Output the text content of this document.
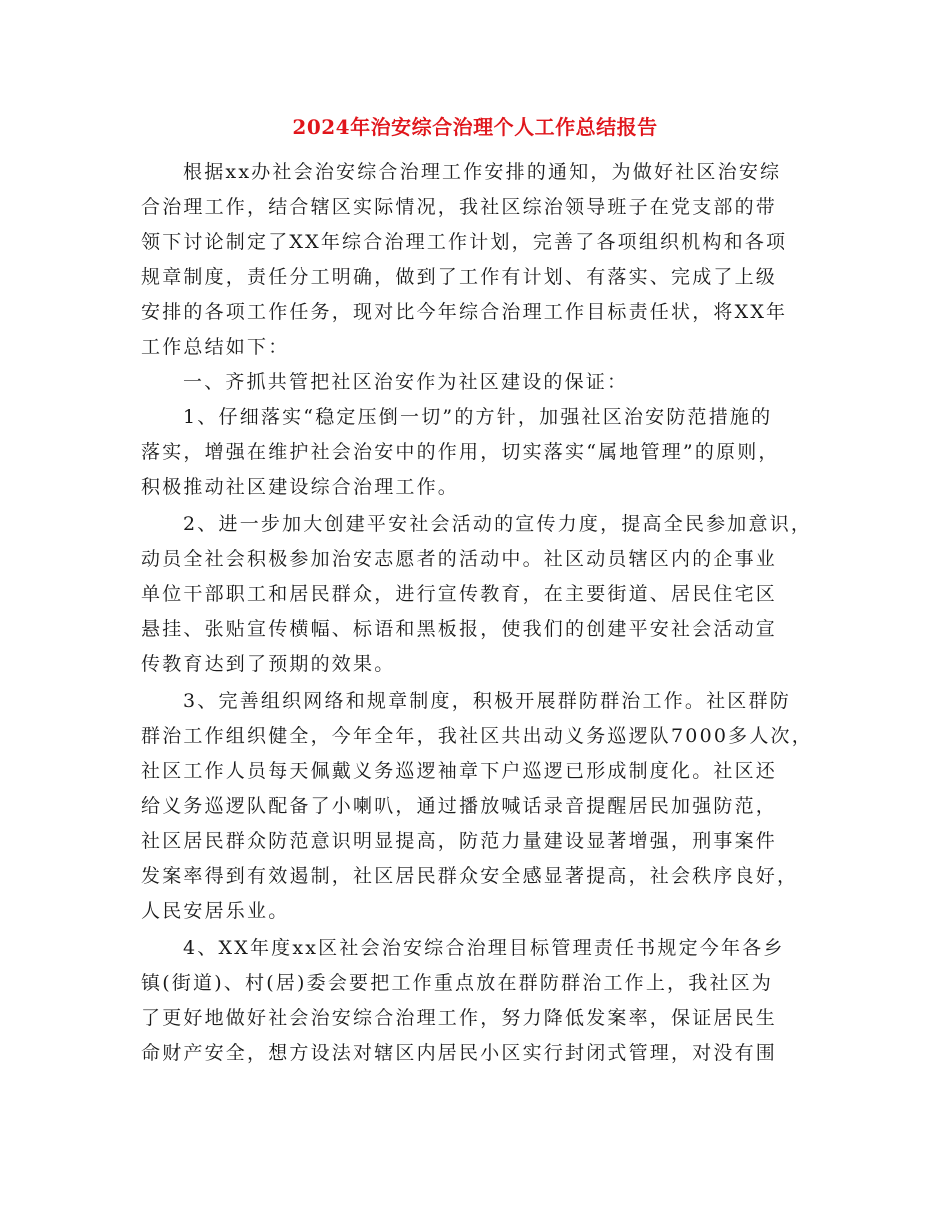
2024年治安综合治理个人工作总结报告
根据xx办社会治安综合治理工作安排的通知，为做好社区治安综
合治理工作，结合辖区实际情况，我社区综治领导班子在党支部的带
领下讨论制定了XX年综合治理工作计划，完善了各项组织机构和各项
规章制度，责任分工明确，做到了工作有计划、有落实、完成了上级
安排的各项工作任务，现对比今年综合治理工作目标责任状，将XX年
工作总结如下：
一、齐抓共管把社区治安作为社区建设的保证：
1、仔细落实“稳定压倒一切”的方针，加强社区治安防范措施的
落实，增强在维护社会治安中的作用，切实落实“属地管理”的原则，
积极推动社区建设综合治理工作。
2、进一步加大创建平安社会活动的宣传力度，提高全民参加意识，
动员全社会积极参加治安志愿者的活动中。社区动员辖区内的企事业
单位干部职工和居民群众，进行宣传教育，在主要街道、居民住宅区
悬挂、张贴宣传横幅、标语和黑板报，使我们的创建平安社会活动宣
传教育达到了预期的效果。
3、完善组织网络和规章制度，积极开展群防群治工作。社区群防
群治工作组织健全，今年全年，我社区共出动义务巡逻队7000多人次，
社区工作人员每天佩戴义务巡逻袖章下户巡逻已形成制度化。社区还
给义务巡逻队配备了小喇叭，通过播放喊话录音提醒居民加强防范，
社区居民群众防范意识明显提高，防范力量建设显著增强，刑事案件
发案率得到有效遏制，社区居民群众安全感显著提高，社会秩序良好，
人民安居乐业。
4、XX年度xx区社会治安综合治理目标管理责任书规定今年各乡
镇(街道)、村(居)委会要把工作重点放在群防群治工作上，我社区为
了更好地做好社会治安综合治理工作，努力降低发案率，保证居民生
命财产安全，想方设法对辖区内居民小区实行封闭式管理，对没有围
